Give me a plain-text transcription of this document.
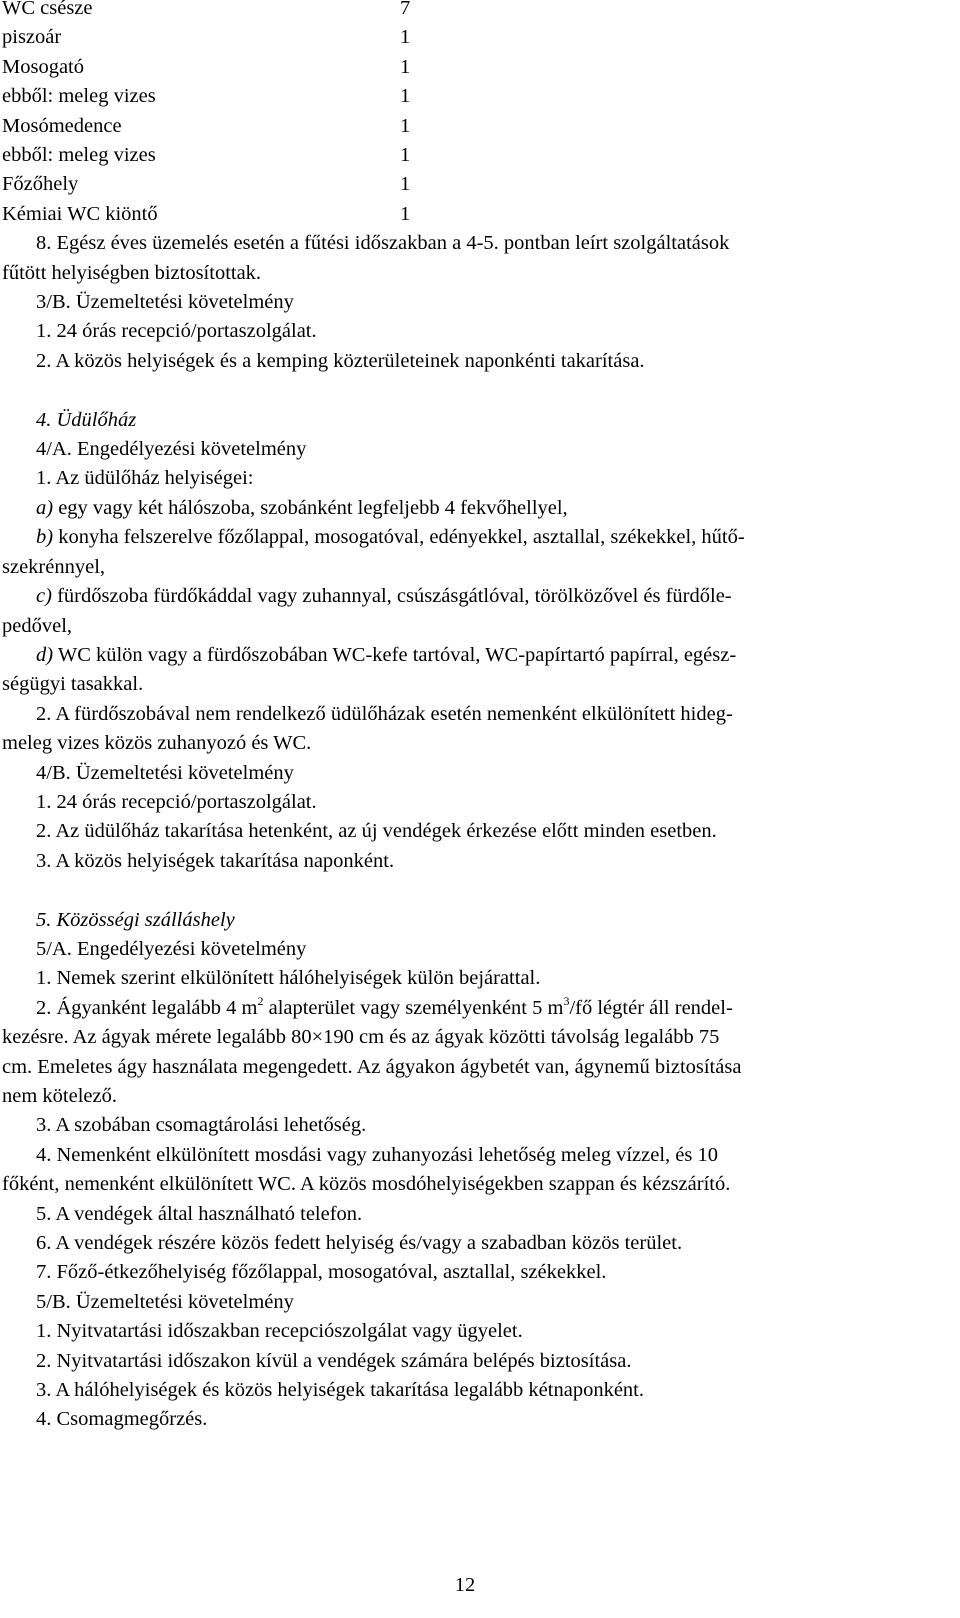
WC csésze	7
piszoár	1
Mosogató	1
ebből: meleg vizes	1
Mosómedence	1
ebből: meleg vizes	1
Főzőhely	1
Kémiai WC kiöntő	1
8. Egész éves üzemelés esetén a fűtési időszakban a 4-5. pontban leírt szolgáltatások
fűtött helyiségben biztosítottak.
3/B. Üzemeltetési követelmény
1. 24 órás recepció/portaszolgálat.
2. A közös helyiségek és a kemping közterületeinek naponkénti takarítása.
4. Üdülőház
4/A. Engedélyezési követelmény
1. Az üdülőház helyiségei:
a) egy vagy két hálószoba, szobánként legfeljebb 4 fekvőhellyel,
b) konyha felszerelve főzőlappal, mosogatóval, edényekkel, asztallal, székekkel, hűtő-
szekrénnyel,
c) fürdőszoba fürdőkáddal vagy zuhannyal, csúszásgátlóval, törölközővel és fürdőle-
pedővel,
d) WC külön vagy a fürdőszobában WC-kefe tartóval, WC-papírtartó papírral, egész-
ségügyi tasakkal.
2. A fürdőszobával nem rendelkező üdülőházak esetén nemenként elkülönített hideg-
meleg vizes közös zuhanyozó és WC.
4/B. Üzemeltetési követelmény
1. 24 órás recepció/portaszolgálat.
2. Az üdülőház takarítása hetenként, az új vendégek érkezése előtt minden esetben.
3. A közös helyiségek takarítása naponként.
5. Közösségi szálláshely
5/A. Engedélyezési követelmény
1. Nemek szerint elkülönített hálóhelyiségek külön bejárattal.
2. Ágyanként legalább 4 $m^2$ alapterület vagy személyenként 5 $m^3/fő$ légtér áll rendel-
kezésre. Az ágyak mérete legalább 80×190 cm és az ágyak közötti távolság legalább 75
cm. Emeletes ágy használata megengedett. Az ágyakon ágybetét van, ágynemű biztosítása
nem kötelező.
3. A szobában csomagtárolási lehetőség.
4. Nemenként elkülönített mosdási vagy zuhanyozási lehetőség meleg vízzel, és 10
főként, nemenként elkülönített WC. A közös mosdóhelyiségekben szappan és kézszárító.
5. A vendégek által használható telefon.
6. A vendégek részére közös fedett helyiség és/vagy a szabadban közös terület.
7. Főző-étkezőhelyiség főzőlappal, mosogatóval, asztallal, székekkel.
5/B. Üzemeltetési követelmény
1. Nyitvatartási időszakban recepciószolgálat vagy ügyelet.
2. Nyitvatartási időszakon kívül a vendégek számára belépés biztosítása.
3. A hálóhelyiségek és közös helyiségek takarítása legalább kétnaponként.
4. Csomagmegőrzés.
12
